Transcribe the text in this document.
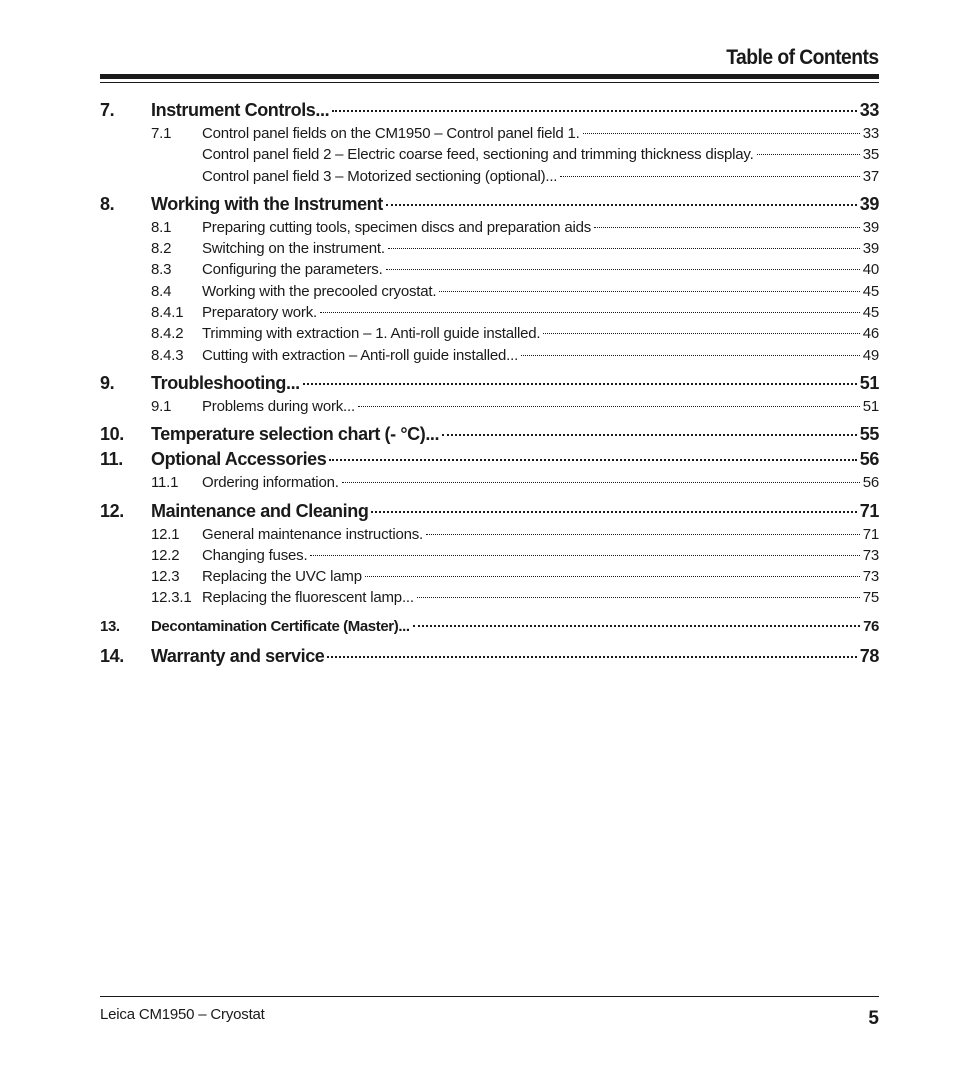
Table of Contents
7.	Instrument Controls...	33
7.1	Control panel fields on the CM1950 – Control panel field 1.	33
Control panel field 2 – Electric coarse feed, sectioning and trimming thickness display.	35
Control panel field 3 – Motorized sectioning (optional)...	37
8.	Working with the Instrument	39
8.1	Preparing cutting tools, specimen discs and preparation aids	39
8.2	Switching on the instrument.	39
8.3	Configuring the parameters.	40
8.4	Working with the precooled cryostat.	45
8.4.1	Preparatory work.	45
8.4.2	Trimming with extraction – 1. Anti-roll guide installed.	46
8.4.3	Cutting with extraction – Anti-roll guide installed...	49
9.	Troubleshooting...	51
9.1	Problems during work...	51
10.	Temperature selection chart (- °C)...	55
11.	Optional Accessories	56
11.1	Ordering information.	56
12.	Maintenance and Cleaning	71
12.1	General maintenance instructions.	71
12.2	Changing fuses.	73
12.3	Replacing the UVC lamp	73
12.3.1 Replacing the fluorescent lamp...	75
13.	Decontamination Certificate (Master)...	76
14.	Warranty and service	78
Leica CM1950 – Cryostat	5
